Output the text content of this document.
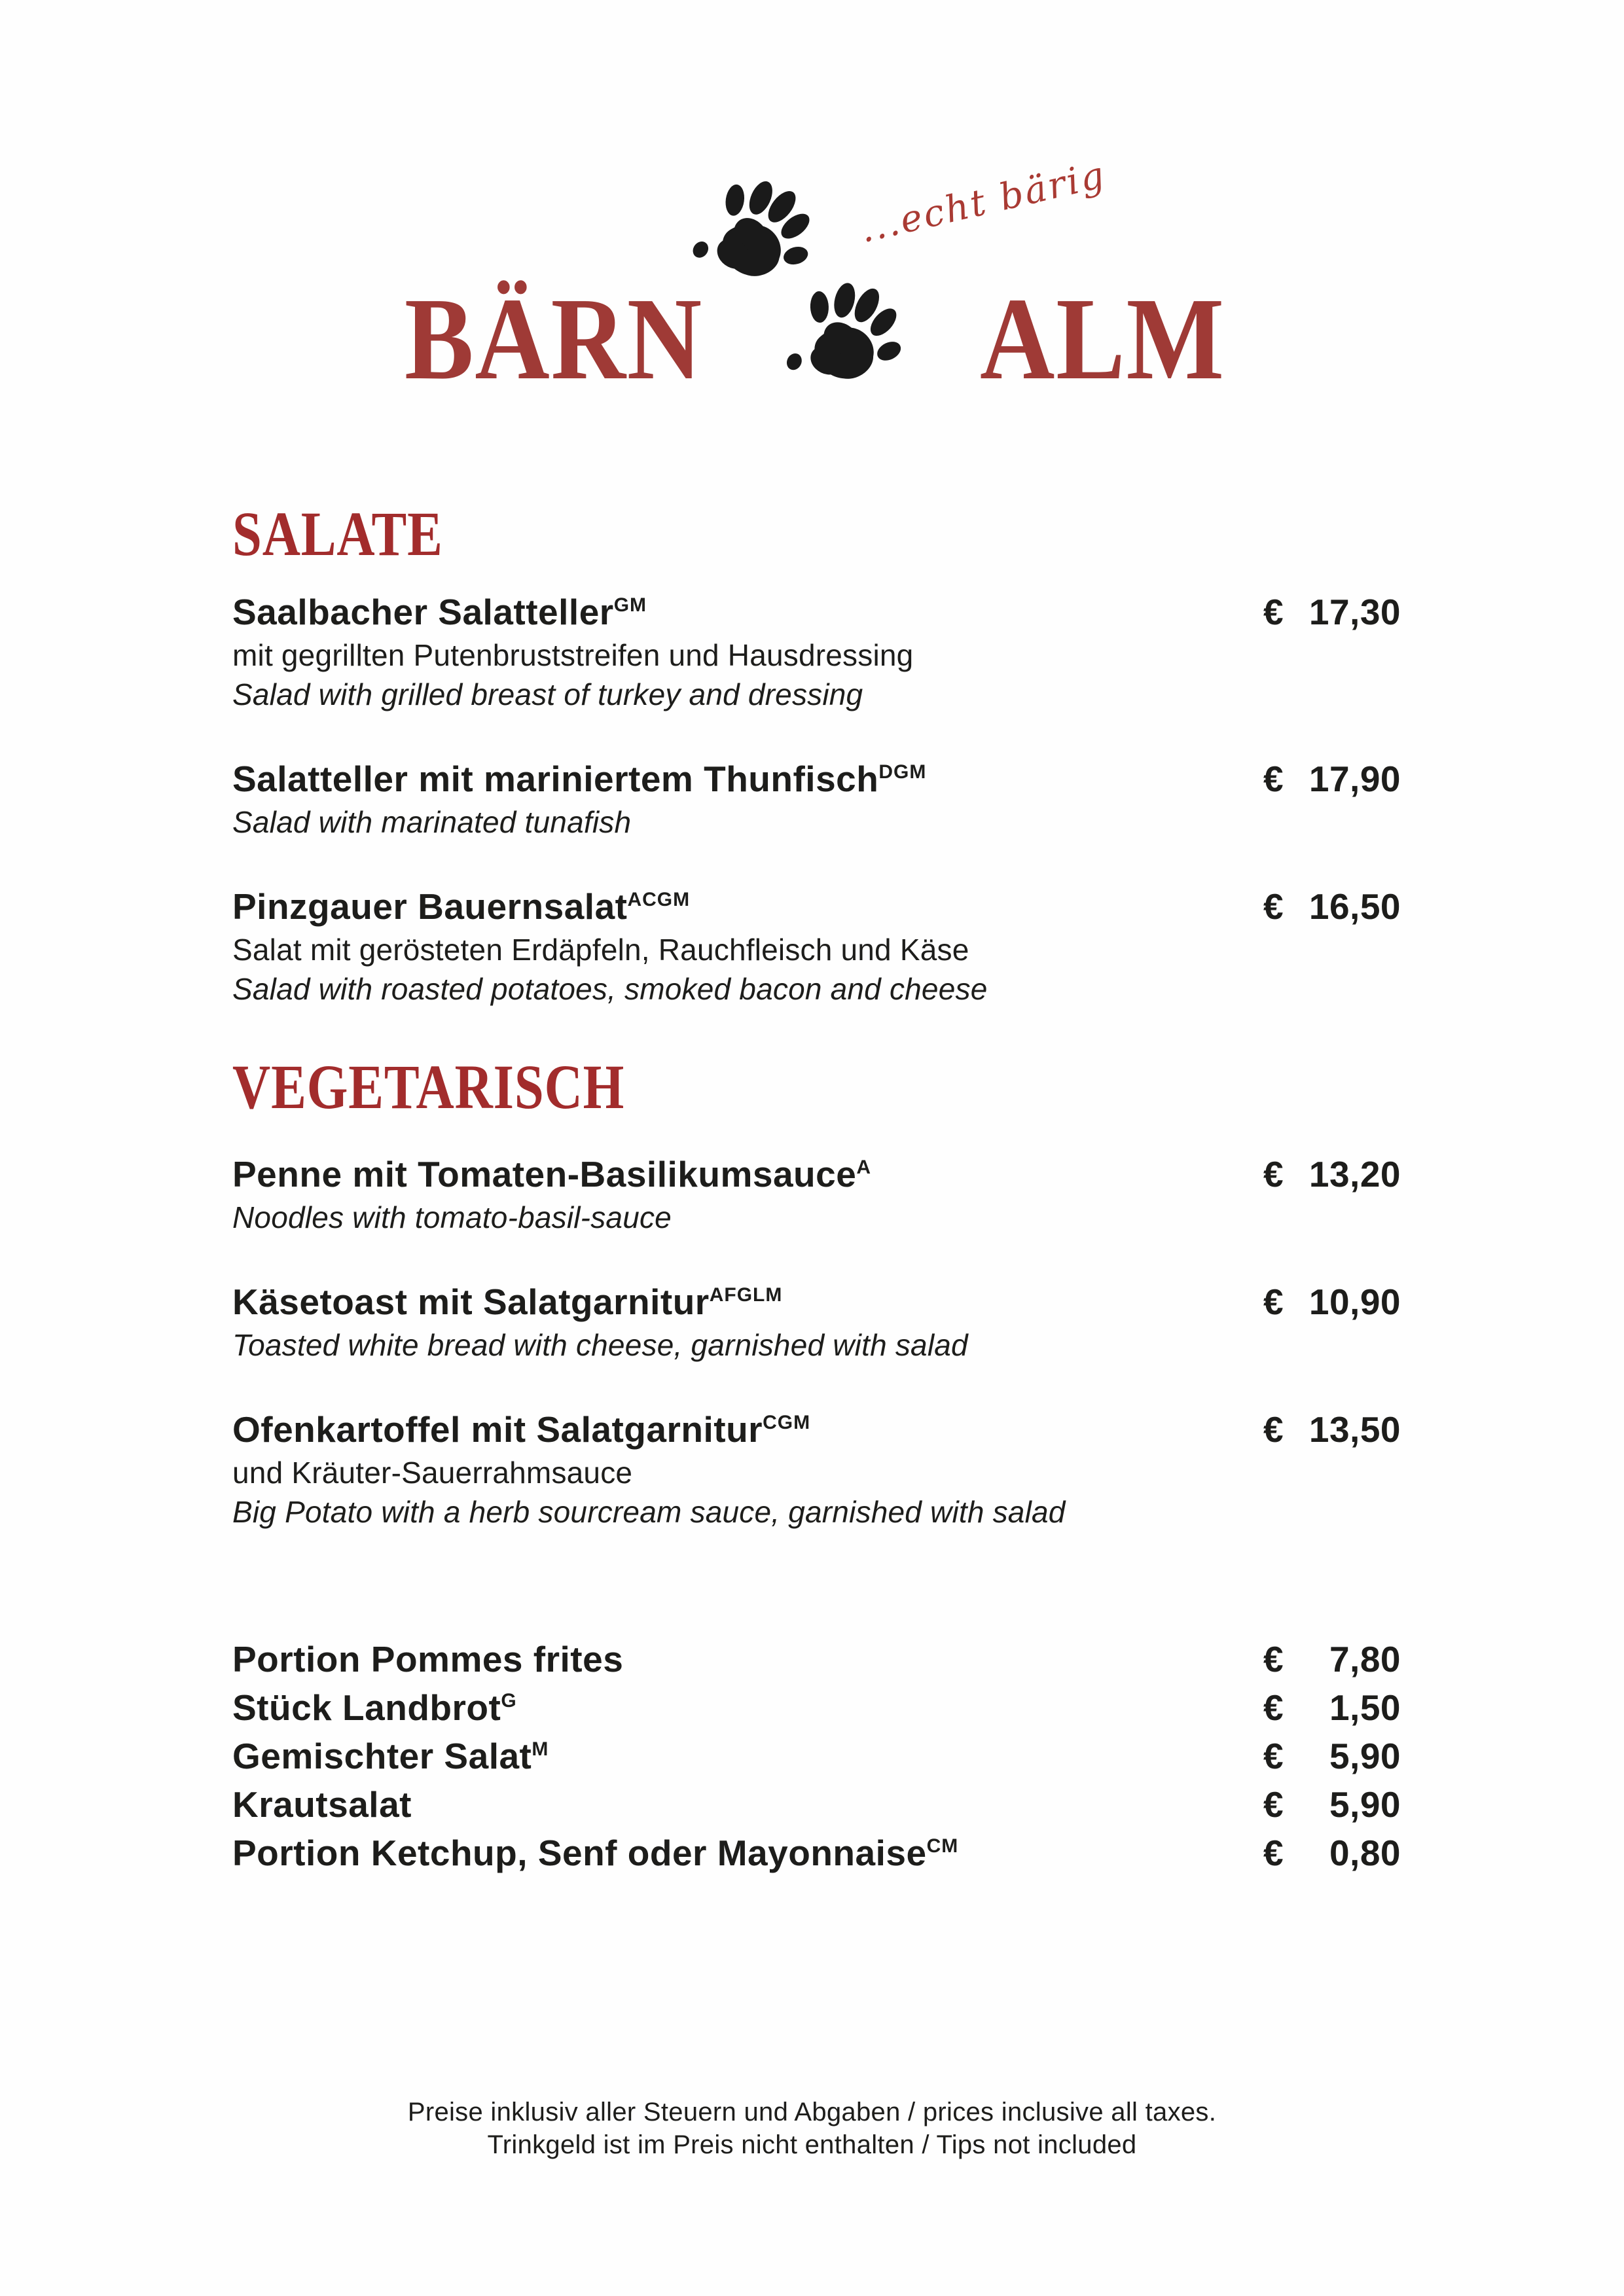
BÄRN ALM
...echt bärig
SALATE
Saalbacher Salatteller$^{GM}$	€ 17,30
mit gegrillten Putenbruststreifen und Hausdressing
Salad with grilled breast of turkey and dressing
Salatteller mit mariniertem Thunfisch$^{DGM}$	€ 17,90
Salad with marinated tunafish
Pinzgauer Bauernsalat$^{ACGM}$	€ 16,50
Salat mit gerösteten Erdäpfeln, Rauchfleisch und Käse
Salad with roasted potatoes, smoked bacon and cheese
VEGETARISCH
Penne mit Tomaten-Basilikumsauce$^A$	€ 13,20
Noodles with tomato-basil-sauce
Käsetoast mit Salatgarnitur$^{AFGLM}$	€ 10,90
Toasted white bread with cheese, garnished with salad
Ofenkartoffel mit Salatgarnitur$^{CGM}$	€ 13,50
und Kräuter-Sauerrahmsauce
Big Potato with a herb sourcream sauce, garnished with salad
Portion Pommes frites	€ 7,80
Stück Landbrot$^G$	€ 1,50
Gemischter Salat$^M$	€ 5,90
Krautsalat	€ 5,90
Portion Ketchup, Senf oder Mayonnaise$^{CM}$	€ 0,80
Preise inklusiv aller Steuern und Abgaben / prices inclusive all taxes.
Trinkgeld ist im Preis nicht enthalten / Tips not included
